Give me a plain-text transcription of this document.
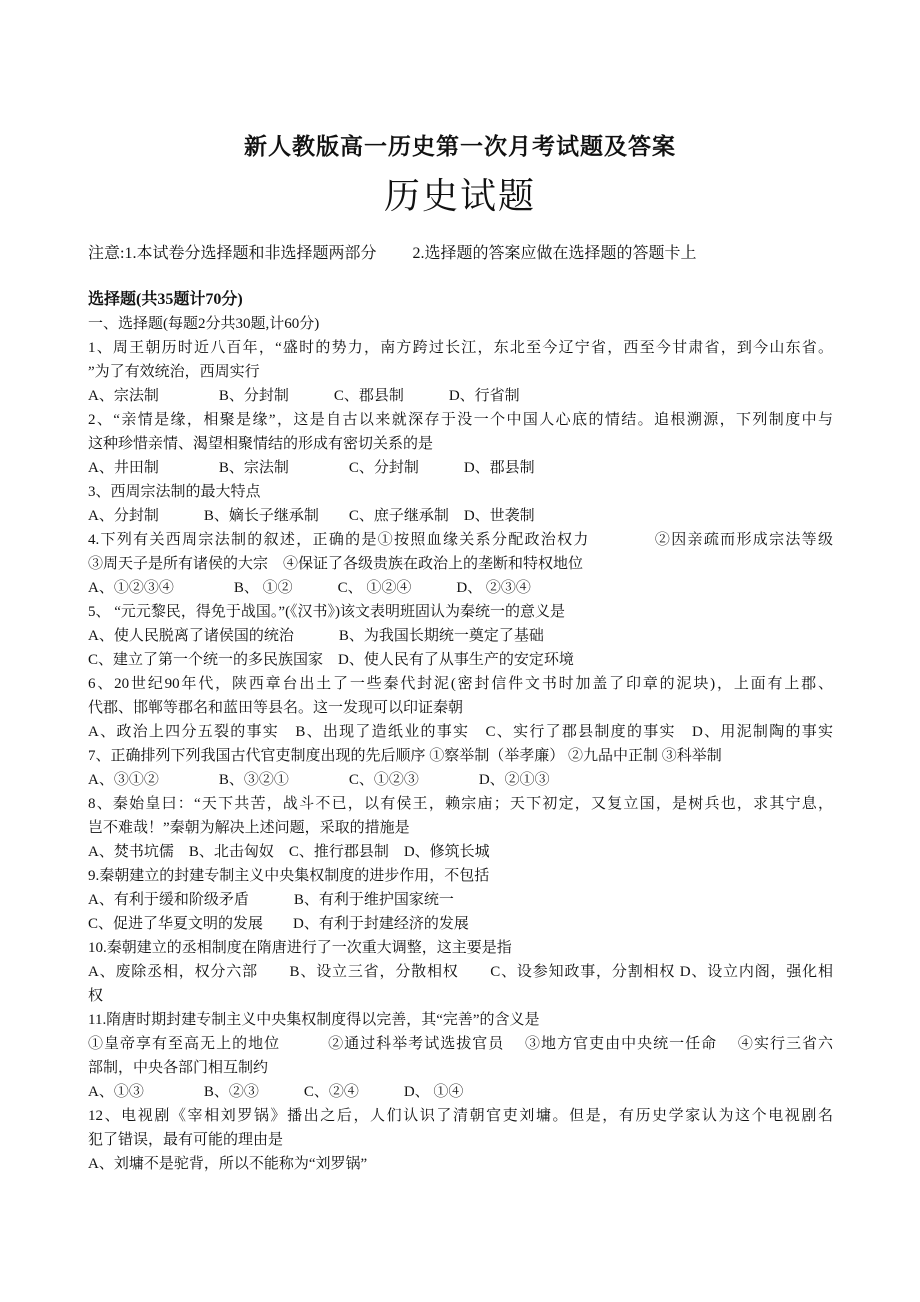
新人教版高一历史第一次月考试题及答案
历史试题
注意:1.本试卷分选择题和非选择题两部分　　 2.选择题的答案应做在选择题的答题卡上
选择题(共35题计70分)
一、选择题(每题2分共30题,计60分)
1、周王朝历时近八百年，“盛时的势力，南方跨过长江，东北至今辽宁省，西至今甘肃省，到今山东省。
”为了有效统治，西周实行
A、宗法制　　　　B、分封制　　　C、郡县制　　　D、行省制
2、“亲情是缘，相聚是缘”，这是自古以来就深存于没一个中国人心底的情结。追根溯源，下列制度中与
这种珍惜亲情、渴望相聚情结的形成有密切关系的是
A、井田制　　　　B、宗法制　　　　C、分封制　　　D、郡县制
3、西周宗法制的最大特点
A、分封制　　　B、嫡长子继承制　　C、庶子继承制　D、世袭制
4.下列有关西周宗法制的叙述，正确的是①按照血缘关系分配政治权力　　　　②因亲疏而形成宗法等级
③周天子是所有诸侯的大宗　④保证了各级贵族在政治上的垄断和特权地位
A、①②③④　　　　B、 ①②　　　C、 ①②④　　　D、 ②③④
5、 “元元黎民，得免于战国。”(《汉书》)该文表明班固认为秦统一的意义是
A、使人民脱离了诸侯国的统治　　　B、为我国长期统一奠定了基础
C、建立了第一个统一的多民族国家　D、使人民有了从事生产的安定环境
6、20世纪90年代，陕西章台出土了一些秦代封泥(密封信件文书时加盖了印章的泥块)，上面有上郡、
代郡、邯郸等郡名和蓝田等县名。这一发现可以印证秦朝
A、政治上四分五裂的事实　B、出现了造纸业的事实　C、实行了郡县制度的事实　D、用泥制陶的事实
7、正确排列下列我国古代官吏制度出现的先后顺序 ①察举制（举孝廉） ②九品中正制 ③科举制
A、③①②　　　　B、③②①　　　　C、①②③　　　　D、②①③
8、秦始皇曰：“天下共苦，战斗不已，以有侯王，赖宗庙；天下初定，又复立国，是树兵也，求其宁息，
岂不难哉！”秦朝为解决上述问题，采取的措施是
A、焚书坑儒　B、北击匈奴　C、推行郡县制　D、修筑长城
9.秦朝建立的封建专制主义中央集权制度的进步作用，不包括
A、有利于缓和阶级矛盾　　　B、有利于维护国家统一
C、促进了华夏文明的发展　　D、有利于封建经济的发展
10.秦朝建立的丞相制度在隋唐进行了一次重大调整，这主要是指
A、废除丞相，权分六部　　B、设立三省，分散相权　　C、设参知政事，分割相权 D、设立内阁，强化相
权
11.隋唐时期封建专制主义中央集权制度得以完善，其“完善”的含义是
①皇帝享有至高无上的地位　　　②通过科举考试选拔官员　 ③地方官吏由中央统一任命　 ④实行三省六
部制，中央各部门相互制约
A、①③　　　　B、②③　　　C、②④　　　D、 ①④
12、电视剧《宰相刘罗锅》播出之后，人们认识了清朝官吏刘墉。但是，有历史学家认为这个电视剧名
犯了错误，最有可能的理由是
A、刘墉不是驼背，所以不能称为“刘罗锅”
